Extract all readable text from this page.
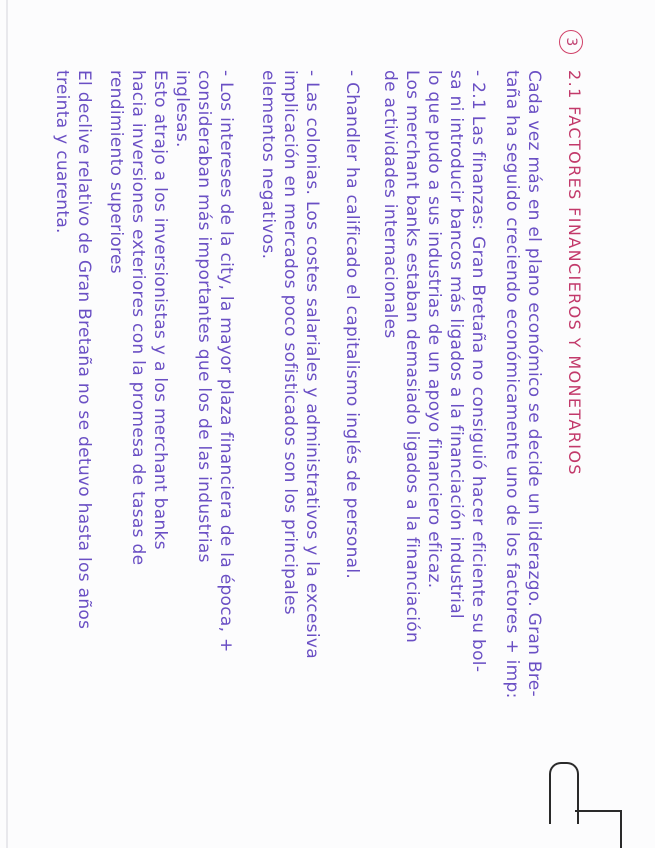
3
2.1 FACTORES FINANCIEROS Y MONETARIOS
Cada vez más en el plano económico se decide un liderazgo. Gran Bre-
taña ha seguido creciendo económicamente uno de los factores + imp:
- 2.1 Las finanzas: Gran Bretaña no consiguió hacer eficiente su bol-
sa ni introducir bancos más ligados a la financiación industrial
lo que pudo a sus industrias de un apoyo financiero eficaz.
Los merchant banks estaban demasiado ligados a la financiación
de actividades internacionales
- Chandler ha calificado el capitalismo inglés de personal.
- Las colonias. Los costes salariales y administrativos y la excesiva
implicación en mercados poco sofisticados son los principales
elementos negativos.
- Los intereses de la city, la mayor plaza financiera de la época, +
consideraban más importantes que los de las industrias
inglesas.
Esto atrajo a los inversionistas y a los merchant banks
hacia inversiones exteriores con la promesa de tasas de
rendimiento superiores
El declive relativo de Gran Bretaña no se detuvo hasta los años
treinta y cuarenta.
